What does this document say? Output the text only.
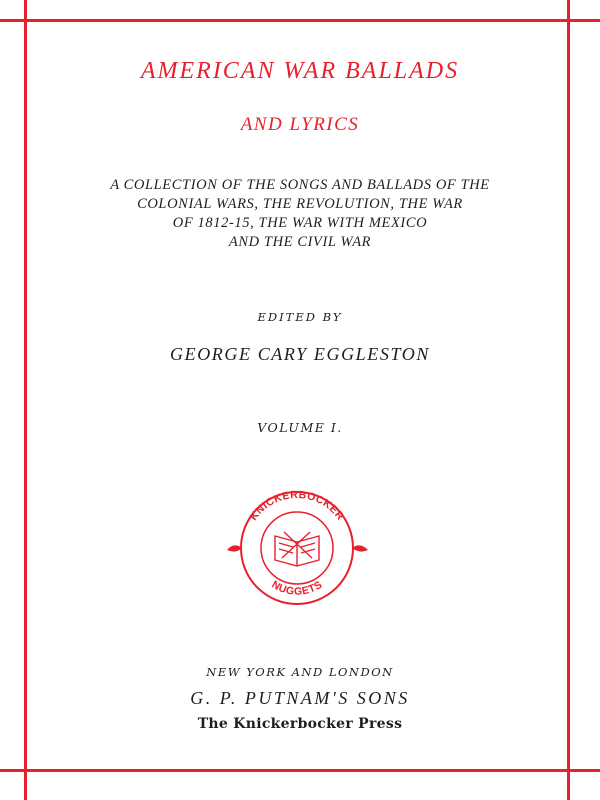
AMERICAN WAR BALLADS
AND LYRICS
A COLLECTION OF THE SONGS AND BALLADS OF THE
COLONIAL WARS, THE REVOLUTION, THE WAR
OF 1812-15, THE WAR WITH MEXICO
AND THE CIVIL WAR
EDITED BY
GEORGE CARY EGGLESTON
VOLUME I.
KNICKERBOCKER
NUGGETS
NEW YORK AND LONDON
G. P. PUTNAM'S SONS
The Knickerbocker Press
